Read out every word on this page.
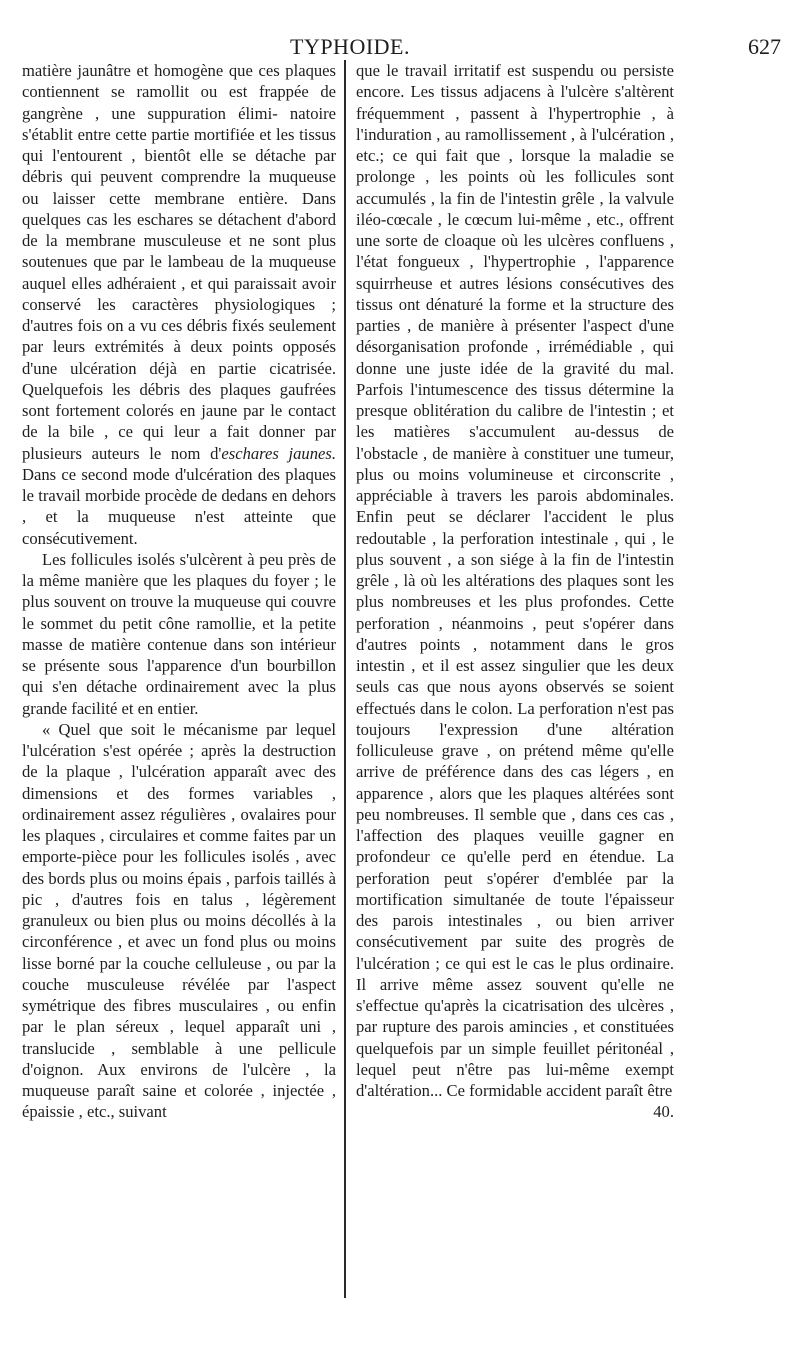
TYPHOIDE.	627

matière jaunâtre et homogène que ces plaques contiennent se ramollit ou est frappée de gangrène , une suppuration élimi- natoire s'établit entre cette partie mortifiée et les tissus qui l'entourent , bientôt elle se détache par débris qui peuvent comprendre la muqueuse ou laisser cette membrane entière. Dans quelques cas les eschares se détachent d'abord de la membrane musculeuse et ne sont plus soutenues que par le lambeau de la muqueuse auquel elles adhéraient , et qui paraissait avoir conservé les caractères physiologiques ; d'autres fois on a vu ces débris fixés seulement par leurs extrémités à deux points opposés d'une ulcération déjà en partie cicatrisée. Quelquefois les débris des plaques gaufrées sont fortement colorés en jaune par le contact de la bile , ce qui leur a fait donner par plusieurs auteurs le nom d'eschares jaunes. Dans ce second mode d'ulcération des plaques le travail morbide procède de dedans en dehors , et la muqueuse n'est atteinte que consécutivement.

Les follicules isolés s'ulcèrent à peu près de la même manière que les plaques du foyer ; le plus souvent on trouve la muqueuse qui couvre le sommet du petit cône ramollie, et la petite masse de matière contenue dans son intérieur se présente sous l'apparence d'un bourbillon qui s'en détache ordinairement avec la plus grande facilité et en entier.

« Quel que soit le mécanisme par lequel l'ulcération s'est opérée ; après la destruction de la plaque , l'ulcération apparaît avec des dimensions et des formes variables , ordinairement assez régulières , ovalaires pour les plaques , circulaires et comme faites par un emporte-pièce pour les follicules isolés , avec des bords plus ou moins épais , parfois taillés à pic , d'autres fois en talus , légèrement granuleux ou bien plus ou moins décollés à la circonférence , et avec un fond plus ou moins lisse borné par la couche celluleuse , ou par la couche musculeuse révélée par l'aspect symétrique des fibres musculaires , ou enfin par le plan séreux , lequel apparaît uni , translucide , semblable à une pellicule d'oignon. Aux environs de l'ulcère , la muqueuse paraît saine et colorée , injectée , épaissie , etc., suivant

que le travail irritatif est suspendu ou persiste encore. Les tissus adjacens à l'ulcère s'altèrent fréquemment , passent à l'hypertrophie , à l'induration , au ramollissement , à l'ulcération , etc.; ce qui fait que , lorsque la maladie se prolonge , les points où les follicules sont accumulés , la fin de l'intestin grêle , la valvule iléo-cœcale , le cœcum lui-même , etc., offrent une sorte de cloaque où les ulcères confluens , l'état fongueux , l'hypertrophie , l'apparence squirrheuse et autres lésions consécutives des tissus ont dénaturé la forme et la structure des parties , de manière à présenter l'aspect d'une désorganisation profonde , irrémédiable , qui donne une juste idée de la gravité du mal. Parfois l'intumescence des tissus détermine la presque oblitération du calibre de l'intestin ; et les matières s'accumulent au-dessus de l'obstacle , de manière à constituer une tumeur, plus ou moins volumineuse et circonscrite , appréciable à travers les parois abdominales. Enfin peut se déclarer l'accident le plus redoutable , la perforation intestinale , qui , le plus souvent , a son siége à la fin de l'intestin grêle , là où les altérations des plaques sont les plus nombreuses et les plus profondes. Cette perforation , néanmoins , peut s'opérer dans d'autres points , notamment dans le gros intestin , et il est assez singulier que les deux seuls cas que nous ayons observés se soient effectués dans le colon. La perforation n'est pas toujours l'expression d'une altération folliculeuse grave , on prétend même qu'elle arrive de préférence dans des cas légers , en apparence , alors que les plaques altérées sont peu nombreuses. Il semble que , dans ces cas , l'affection des plaques veuille gagner en profondeur ce qu'elle perd en étendue. La perforation peut s'opérer d'emblée par la mortification simultanée de toute l'épaisseur des parois intestinales , ou bien arriver consécutivement par suite des progrès de l'ulcération ; ce qui est le cas le plus ordinaire. Il arrive même assez souvent qu'elle ne s'effectue qu'après la cicatrisation des ulcères , par rupture des parois amincies , et constituées quelquefois par un simple feuillet péritonéal , lequel peut n'être pas lui-même exempt d'altération... Ce formidable accident paraît être

40.
